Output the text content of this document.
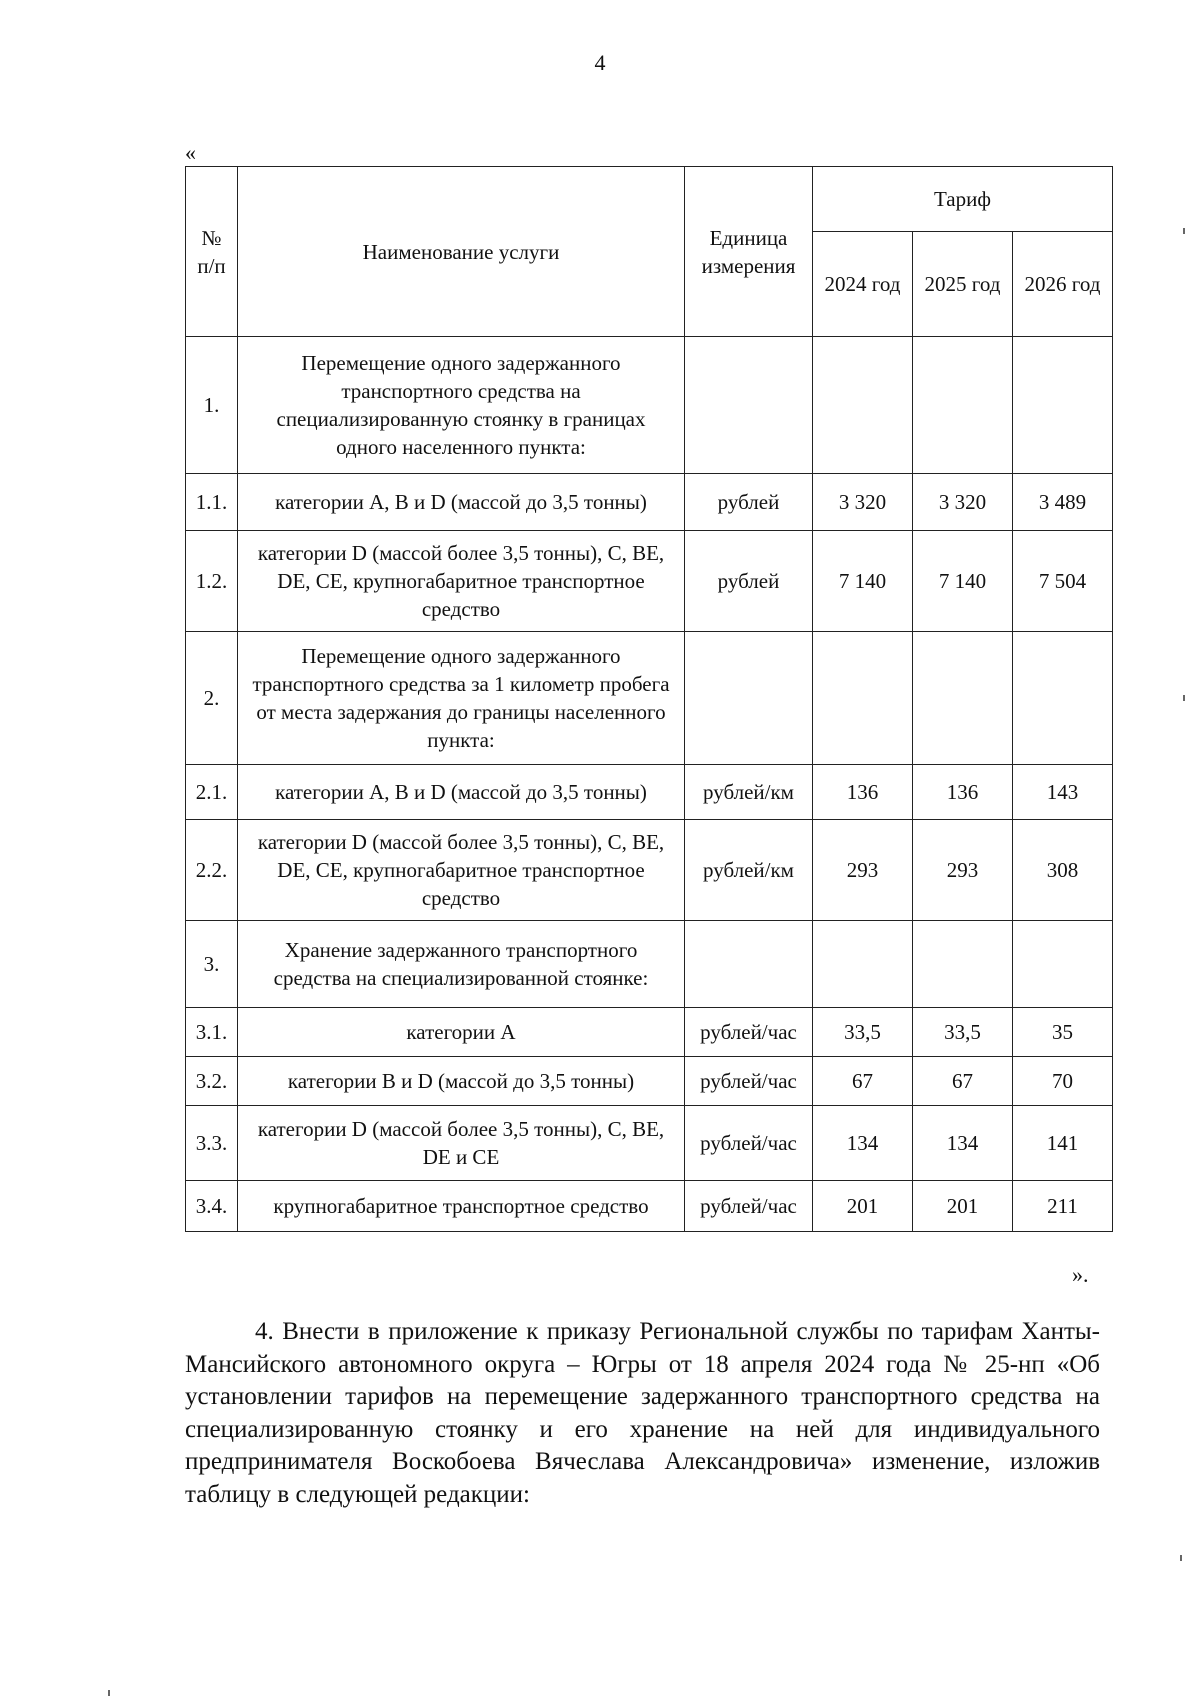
4
«
№ п/п	Наименование услуги	Единица измерения	Тариф		
			2024 год	2025 год	2026 год
1.	Перемещение одного задержанного транспортного средства на специализированную стоянку в границах одного населенного пункта:				
1.1.	категории A, B и D (массой до 3,5 тонны)	рублей	3 320	3 320	3 489
1.2.	категории D (массой более 3,5 тонны), C, BE, DE, CE, крупногабаритное транспортное средство	рублей	7 140	7 140	7 504
2.	Перемещение одного задержанного транспортного средства за 1 километр пробега от места задержания до границы населенного пункта:				
2.1.	категории A, B и D (массой до 3,5 тонны)	рублей/км	136	136	143
2.2.	категории D (массой более 3,5 тонны), C, BE, DE, CE, крупногабаритное транспортное средство	рублей/км	293	293	308
3.	Хранение задержанного транспортного средства на специализированной стоянке:				
3.1.	категории A	рублей/час	33,5	33,5	35
3.2.	категории B и D (массой до 3,5 тонны)	рублей/час	67	67	70
3.3.	категории D (массой более 3,5 тонны), C, BE, DE и CE	рублей/час	134	134	141
3.4.	крупногабаритное транспортное средство	рублей/час	201	201	211
».

4. Внести в приложение к приказу Региональной службы по тарифам Ханты-Мансийского автономного округа – Югры от 18 апреля 2024 года № 25-нп «Об установлении тарифов на перемещение задержанного транспортного средства на специализированную стоянку и его хранение на ней для индивидуального предпринимателя Воскобоева Вячеслава Александровича» изменение, изложив таблицу в следующей редакции:
